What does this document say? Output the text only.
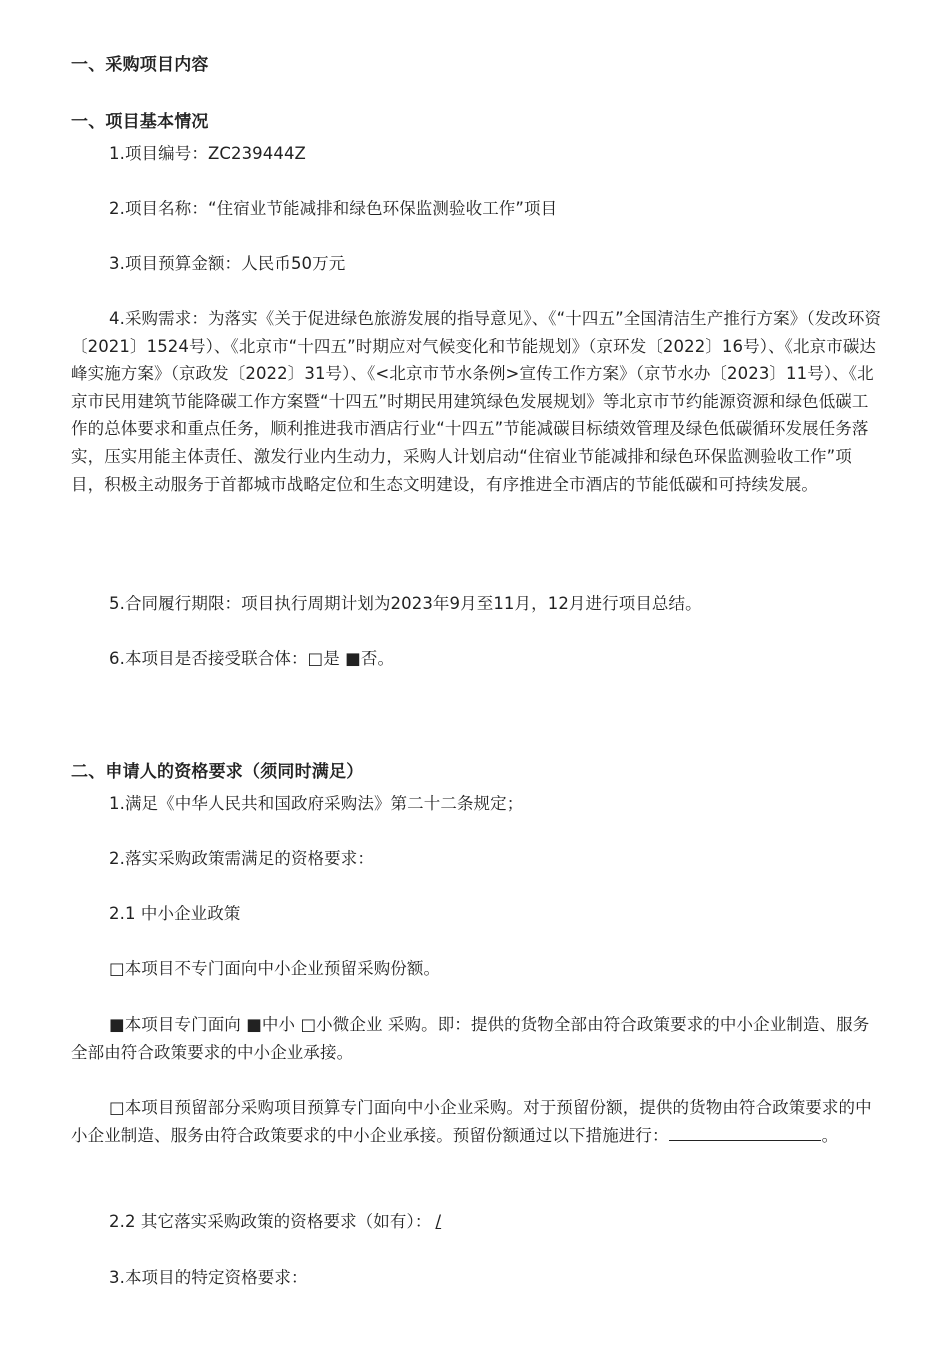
一、采购项目内容
一、项目基本情况
1.项目编号：ZC239444Z
2.项目名称：“住宿业节能减排和绿色环保监测验收工作”项目
3.项目预算金额：人民币50万元
4.采购需求：为落实《关于促进绿色旅游发展的指导意见》、《“十四五”全国清洁生产推行方案》（发改环资〔2021〕1524号）、《北京市“十四五”时期应对气候变化和节能规划》（京环发〔2022〕16号）、《北京市碳达峰实施方案》（京政发〔2022〕31号）、《<北京市节水条例>宣传工作方案》（京节水办〔2023〕11号）、《北京市民用建筑节能降碳工作方案暨“十四五”时期民用建筑绿色发展规划》等北京市节约能源资源和绿色低碳工作的总体要求和重点任务，顺利推进我市酒店行业“十四五”节能减碳目标绩效管理及绿色低碳循环发展任务落实，压实用能主体责任、激发行业内生动力，采购人计划启动“住宿业节能减排和绿色环保监测验收工作”项目，积极主动服务于首都城市战略定位和生态文明建设，有序推进全市酒店的节能低碳和可持续发展。
5.合同履行期限：项目执行周期计划为2023年9月至11月，12月进行项目总结。
6.本项目是否接受联合体：□是 ■否。
二、申请人的资格要求（须同时满足）
1.满足《中华人民共和国政府采购法》第二十二条规定；
2.落实采购政策需满足的资格要求：
2.1 中小企业政策
□本项目不专门面向中小企业预留采购份额。
■本项目专门面向 ■中小 □小微企业 采购。即：提供的货物全部由符合政策要求的中小企业制造、服务全部由符合政策要求的中小企业承接。
□本项目预留部分采购项目预算专门面向中小企业采购。对于预留份额，提供的货物由符合政策要求的中小企业制造、服务由符合政策要求的中小企业承接。预留份额通过以下措施进行：	。
2.2 其它落实采购政策的资格要求（如有）： /
3.本项目的特定资格要求：
